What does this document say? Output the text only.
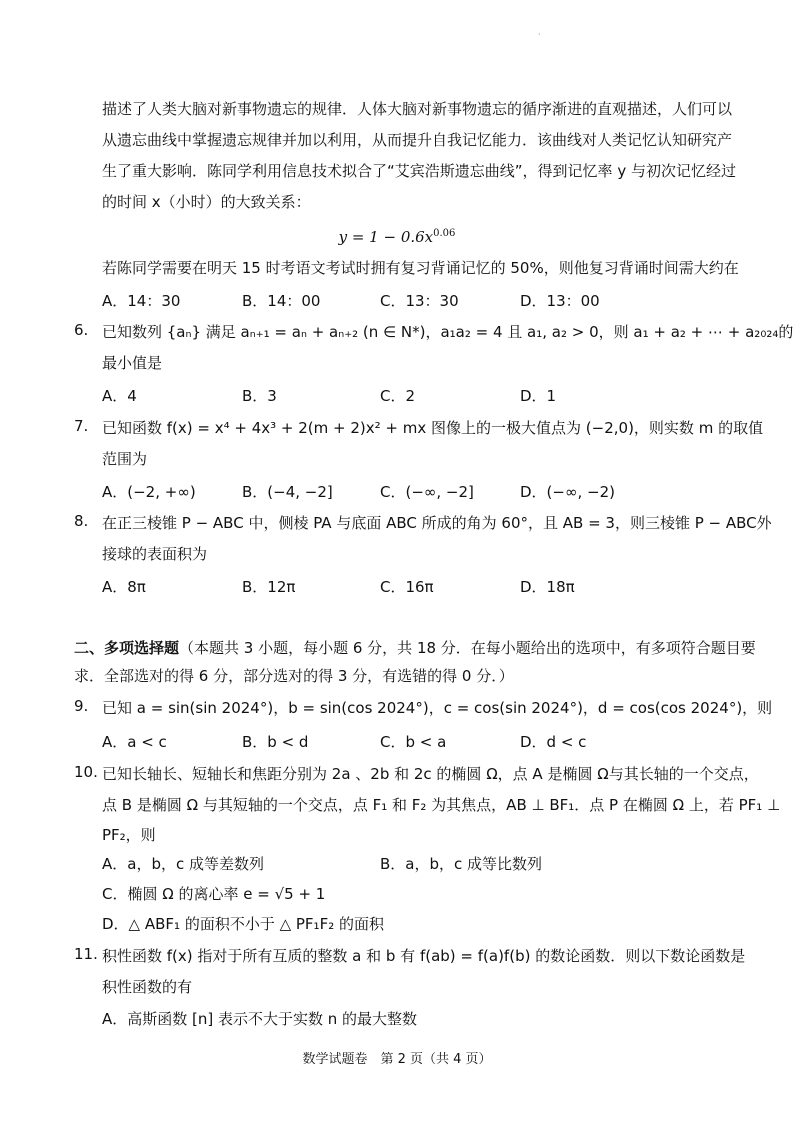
·
描述了人类大脑对新事物遗忘的规律．人体大脑对新事物遗忘的循序渐进的直观描述，人们可以
从遗忘曲线中掌握遗忘规律并加以利用，从而提升自我记忆能力．该曲线对人类记忆认知研究产
生了重大影响．陈同学利用信息技术拟合了“艾宾浩斯遗忘曲线”，得到记忆率 y 与初次记忆经过
的时间 x（小时）的大致关系：
$y = 1 - 0.6x^{0.06}$
若陈同学需要在明天 15 时考语文考试时拥有复习背诵记忆的 50%，则他复习背诵时间需大约在
A．14：30	B．14：00	C．13：30	D．13：00
6. 已知数列 {aₙ} 满足 aₙ₊₁ = aₙ + aₙ₊₂ (n ∈ N*)，a₁a₂ = 4 且 a₁, a₂ > 0，则 a₁ + a₂ + ⋯ + a₂₀₂₄的
最小值是
A．4	B．3	C．2	D．1
7. 已知函数 f(x) = x⁴ + 4x³ + 2(m + 2)x² + mx 图像上的一极大值点为 (−2,0)，则实数 m 的取值
范围为
A．(−2, +∞)	B．(−4, −2]	C．(−∞, −2]	D．(−∞, −2)
8. 在正三棱锥 P − ABC 中，侧棱 PA 与底面 ABC 所成的角为 60°，且 AB = 3，则三棱锥 P − ABC外
接球的表面积为
A．8π	B．12π	C．16π	D．18π
二、多项选择题（本题共 3 小题，每小题 6 分，共 18 分．在每小题给出的选项中，有多项符合题目要
求．全部选对的得 6 分，部分选对的得 3 分，有选错的得 0 分．）
9. 已知 a = sin(sin 2024°)，b = sin(cos 2024°)，c = cos(sin 2024°)，d = cos(cos 2024°)，则
A．a < c	B．b < d	C．b < a	D．d < c
10. 已知长轴长、短轴长和焦距分别为 2a 、2b 和 2c 的椭圆 Ω，点 A 是椭圆 Ω与其长轴的一个交点，
点 B 是椭圆 Ω 与其短轴的一个交点，点 F₁ 和 F₂ 为其焦点，AB ⊥ BF₁．点 P 在椭圆 Ω 上，若 PF₁ ⊥
PF₂，则
A．a，b，c 成等差数列	B．a，b，c 成等比数列
C．椭圆 Ω 的离心率 e = √5 + 1
D．△ ABF₁ 的面积不小于 △ PF₁F₂ 的面积
11. 积性函数 f(x) 指对于所有互质的整数 a 和 b 有 f(ab) = f(a)f(b) 的数论函数．则以下数论函数是
积性函数的有
A．高斯函数 [n] 表示不大于实数 n 的最大整数
数学试题卷　第 2 页（共 4 页）
